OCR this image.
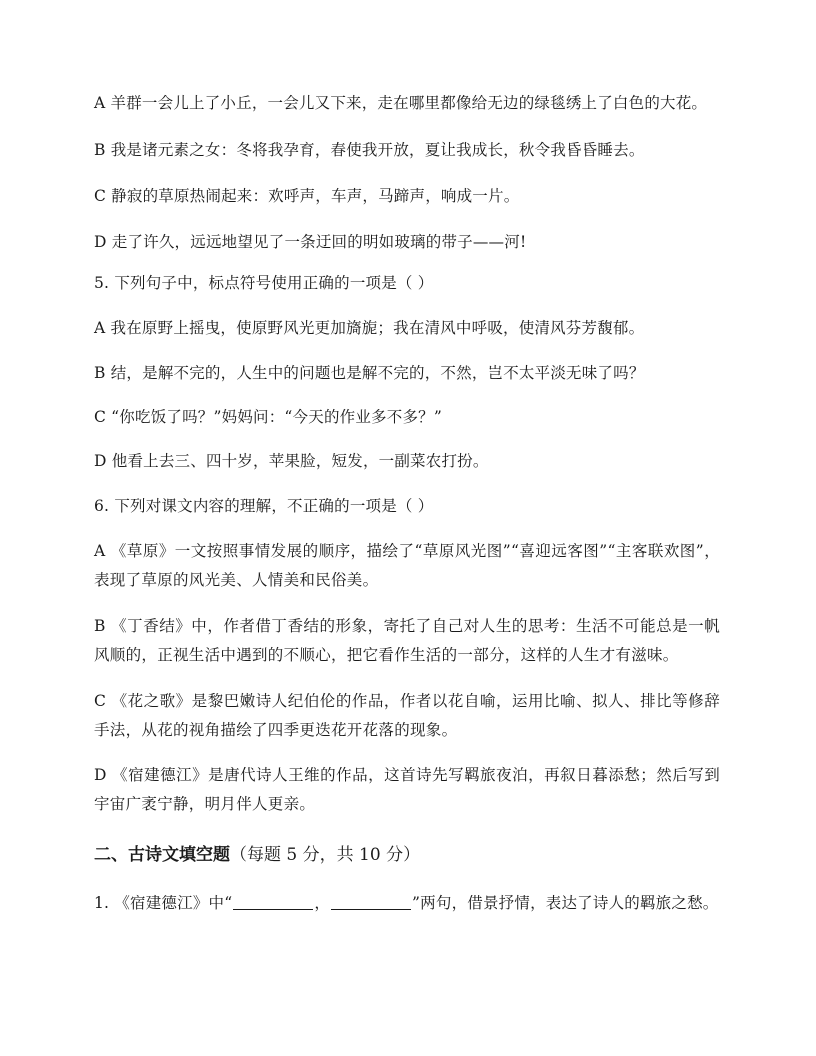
A 羊群一会儿上了小丘，一会儿又下来，走在哪里都像给无边的绿毯绣上了白色的大花。
B 我是诸元素之女：冬将我孕育，春使我开放，夏让我成长，秋令我昏昏睡去。
C 静寂的草原热闹起来：欢呼声，车声，马蹄声，响成一片。
D 走了许久，远远地望见了一条迂回的明如玻璃的带子——河!
5. 下列句子中，标点符号使用正确的一项是（ ）
A 我在原野上摇曳，使原野风光更加旖旎；我在清风中呼吸，使清风芬芳馥郁。
B 结，是解不完的，人生中的问题也是解不完的，不然，岂不太平淡无味了吗？
C “你吃饭了吗？”妈妈问：“今天的作业多不多？”
D 他看上去三、四十岁，苹果脸，短发，一副菜农打扮。
6. 下列对课文内容的理解，不正确的一项是（ ）
A 《草原》一文按照事情发展的顺序，描绘了“草原风光图”“喜迎远客图”“主客联欢图”，表现了草原的风光美、人情美和民俗美。
B 《丁香结》中，作者借丁香结的形象，寄托了自己对人生的思考：生活不可能总是一帆风顺的，正视生活中遇到的不顺心，把它看作生活的一部分，这样的人生才有滋味。
C 《花之歌》是黎巴嫩诗人纪伯伦的作品，作者以花自喻，运用比喻、拟人、排比等修辞手法，从花的视角描绘了四季更迭花开花落的现象。
D 《宿建德江》是唐代诗人王维的作品，这首诗先写羁旅夜泊，再叙日暮添愁；然后写到宇宙广袤宁静，明月伴人更亲。
二、古诗文填空题（每题 5 分，共 10 分）
1. 《宿建德江》中“	，	”两句，借景抒情，表达了诗人的羁旅之愁。
